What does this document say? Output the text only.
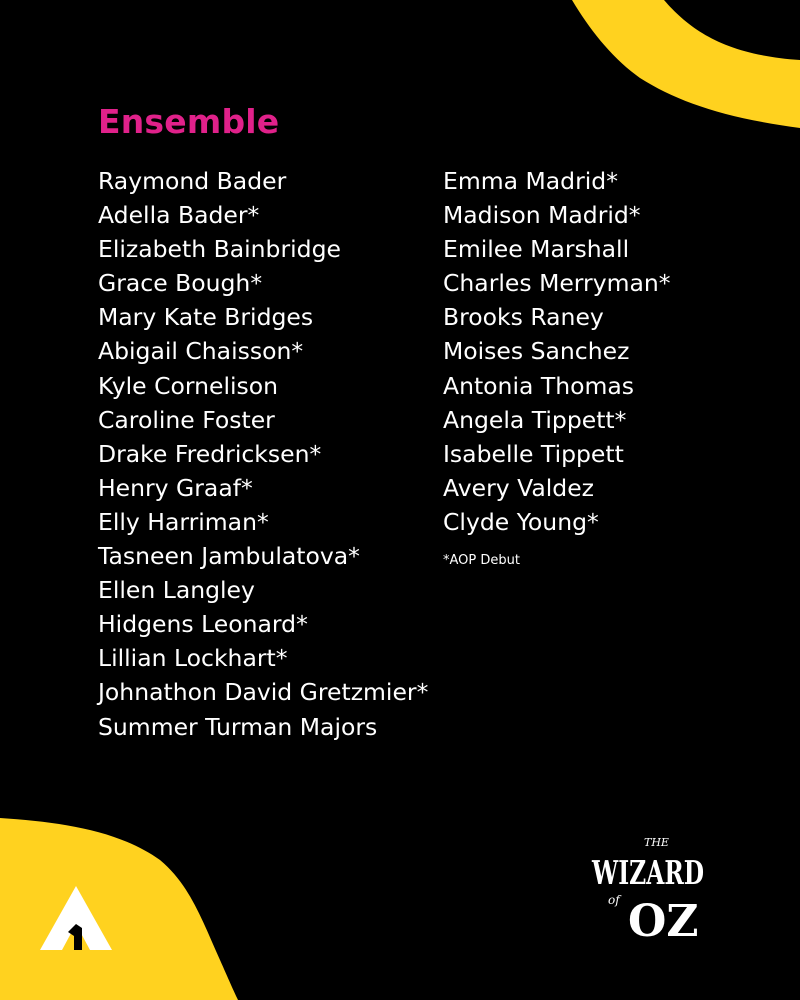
Ensemble
Raymond Bader
Adella Bader*
Elizabeth Bainbridge
Grace Bough*
Mary Kate Bridges
Abigail Chaisson*
Kyle Cornelison
Caroline Foster
Drake Fredricksen*
Henry Graaf*
Elly Harriman*
Tasneen Jambulatova*
Ellen Langley
Hidgens Leonard*
Lillian Lockhart*
Johnathon David Gretzmier*
Summer Turman Majors
Emma Madrid*
Madison Madrid*
Emilee Marshall
Charles Merryman*
Brooks Raney
Moises Sanchez
Antonia Thomas
Angela Tippett*
Isabelle Tippett
Avery Valdez
Clyde Young*

*AOP Debut

THE
WIZARD
of OZ
